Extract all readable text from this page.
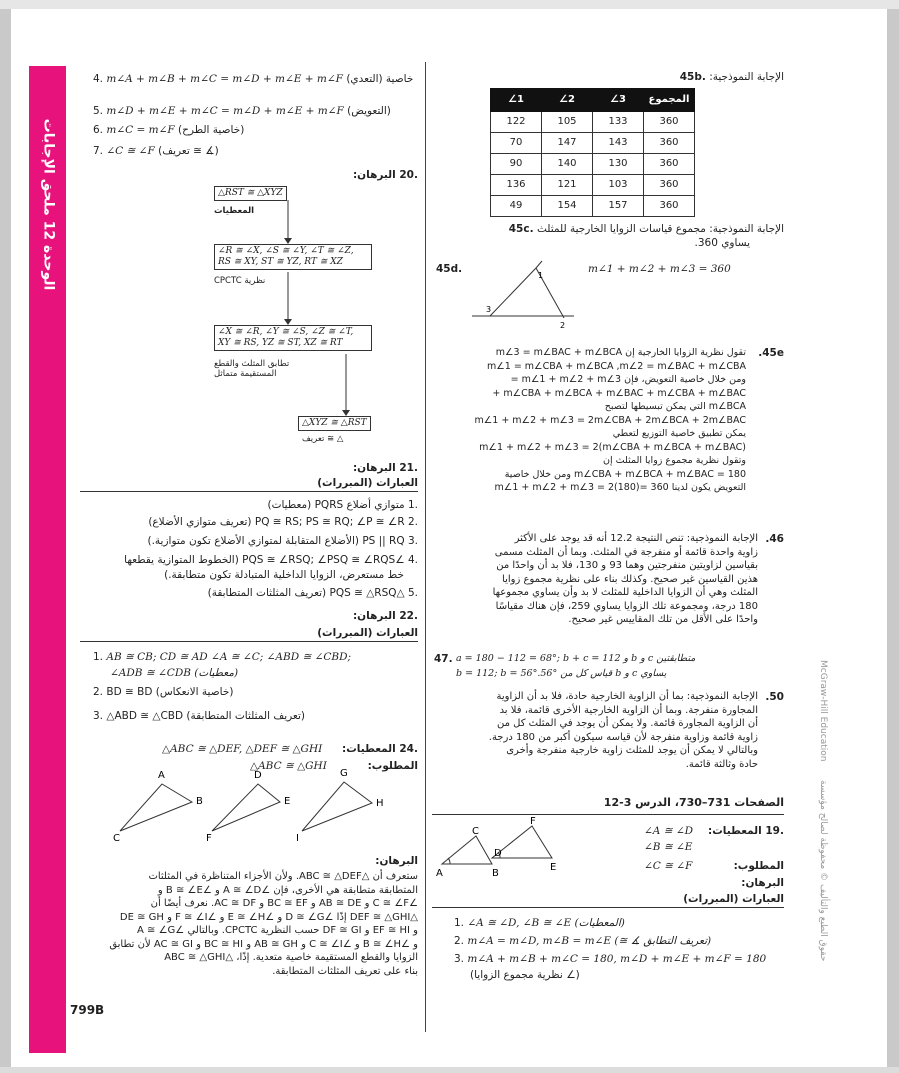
الوحدة 12 ملحق الإجابات
4. m∠A + m∠B + m∠C = m∠D + m∠E + m∠F خاصية (التعدي)
5. m∠D + m∠E + m∠C = m∠D + m∠E + m∠F (التعويض)
6. m∠C = m∠F (خاصية الطرح)
7. ∠C ≅ ∠F (تعريف ≅ ∡)
.20 البرهان:
△RST ≅ △XYZ
المعطيات
∠R ≅ ∠X, ∠S ≅ ∠Y, ∠T ≅ ∠Z,
RS ≅ XY, ST ≅ YZ, RT ≅ XZ
CPCTC نظرية
∠X ≅ ∠R, ∠Y ≅ ∠S, ∠Z ≅ ∠T,
XY ≅ RS, YZ ≅ ST, XZ ≅ RT
تطابق المثلث والقطع
المستقيمة متماثل
△XYZ ≅ △RST
تعريف ≅ △
.21 البرهان:
العبارات (المبررات)
.1 متوازي أضلاع PQRS (معطيات)
.2 PQ ≅ RS; PS ≅ RQ; ∠P ≅ ∠R (تعريف متوازي الأضلاع)
.3 PS || RQ (الأضلاع المتقابلة لمتوازي الأضلاع تكون متوازية.)
.4 ∠PQS ≅ ∠RSQ; ∠PSQ ≅ ∠RQS (الخطوط المتوازية يقطعها
خط مستعرض، الزوايا الداخلية المتبادلة تكون متطابقة.)
.5 △PQS ≅ △RSQ (تعريف المثلثات المتطابقة)
.22 البرهان:
العبارات (المبررات)
1. AB ≅ CB; CD ≅ AD ∠A ≅ ∠C; ∠ABD ≅ ∠CBD;
∠ADB ≅ ∠CDB (معطيات)
2. BD ≅ BD (خاصية الانعكاس)
3. △ABD ≅ △CBD (تعريف المثلثات المتطابقة)
.24 المعطيات:
△ABC ≅ △DEF, △DEF ≅ △GHI
المطلوب:
△ABC ≅ △GHI
A
B
C
D
E
F
G
H
I
البرهان:
ستعرف أن △ABC ≅ △DEF. ولأن الأجزاء المتناظرة في المثلثات
المتطابقة متطابقة هي الأخرى، فإن ∠A ≅ ∠D و ∠B ≅ ∠E و
∠C ≅ ∠F و AB ≅ DE و BC ≅ EF و AC ≅ DF. نعرف أيضًا أن
△DEF ≅ △GHI إذًا ∠D ≅ ∠G و ∠E ≅ ∠H و ∠F ≅ ∠I و DE ≅ GH
و EF ≅ HI و DF ≅ GI حسب النظرية CPCTC. وبالتالي ∠A ≅ ∠G
و ∠B ≅ ∠H و ∠C ≅ ∠I و AB ≅ GH و BC ≅ HI و AC ≅ GI لأن تطابق
الزوايا والقطع المستقيمة خاصية متعدية. إذًا، △ABC ≅ △GHI
بناء على تعريف المثلثات المتطابقة.
799B
الإجابة النموذجية: .45b
∠1	∠2	∠3	المجموع
122	105	133	360
70	147	143	360
90	140	130	360
136	121	103	360
49	154	157	360
الإجابة النموذجية: مجموع قياسات الزوايا الخارجية للمثلث .45c
يساوي 360.
45d.	m∠1 + m∠2 + m∠3 = 360
1
2
3
.45e
تقول نظرية الزوايا الخارجية إن m∠3 = m∠BAC + m∠BCA
m∠1 = m∠CBA + m∠BCA ,m∠2 = m∠BAC + m∠CBA
ومن خلال خاصية التعويض، فإن m∠1 + m∠2 + m∠3 =
m∠CBA + m∠BCA + m∠BAC + m∠CBA + m∠BAC +
m∠BCA التي يمكن تبسيطها لتصبح
m∠1 + m∠2 + m∠3 = 2m∠CBA + 2m∠BCA + 2m∠BAC
يمكن تطبيق خاصية التوزيع لتعطي
m∠1 + m∠2 + m∠3 = 2(m∠CBA + m∠BCA + m∠BAC)
وتقول نظرية مجموع زوايا المثلث إن
m∠CBA + m∠BCA + m∠BAC = 180 ومن خلال خاصية
التعويض يكون لدينا m∠1 + m∠2 + m∠3 = 2(180)= 360
.46
الإجابة النموذجية: تنص النتيجة 12.2 أنه قد يوجد على الأكثر
زاوية واحدة قائمة أو منفرجة في المثلث. وبما أن المثلث مسمى
بقياسين لزاويتين منفرجتين وهما 93 و 130، فلا بد أن واحدًا من
هذين القياسين غير صحيح. وكذلك بناء على نظرية مجموع زوايا
المثلث وهي أن الزوايا الداخلية للمثلث لا بد وأن يساوي مجموعها
180 درجة، ومجموعة تلك الزوايا يساوي 259، فإن هناك مقياسًا
واحدًا على الأقل من تلك المقاييس غير صحيح.
47. a = 180 − 112 = 68°; b + c = 112 و b و c متطابقتين
b = 112; b = 56°.56° قياس كل من b و c يساوي
.50
الإجابة النموذجية: بما أن الزاوية الخارجية حادة، فلا بد أن الزاوية
المجاورة منفرجة. وبما أن الزاوية الخارجية الأخرى قائمة، فلا بد
أن الزاوية المجاورة قائمة. ولا يمكن أن يوجد في المثلث كل من
زاوية قائمة وزاوية منفرجة لأن قياسه سيكون أكبر من 180 درجة.
وبالتالي لا يمكن أن يوجد للمثلث زاوية خارجية منفرجة وأخرى
حادة وثالثة قائمة.
الصفحات 731–730، الدرس 3-12
.19 المعطيات:
∠A ≅ ∠D
∠B ≅ ∠E
المطلوب:
∠C ≅ ∠F
البرهان:
العبارات (المبررات)
A	B
C
D
E
F
1. ∠A ≅ ∠D, ∠B ≅ ∠E (المعطيات)
2. m∠A = m∠D, m∠B = m∠E (≅ ∡ تعريف التطابق)
3. m∠A + m∠B + m∠C = 180, m∠D + m∠E + m∠F = 180
(نظرية مجموع الزوايا ∠)
McGraw-Hill Education
حقوق الطبع والتأليف © محفوظة لصالح مؤسسة
